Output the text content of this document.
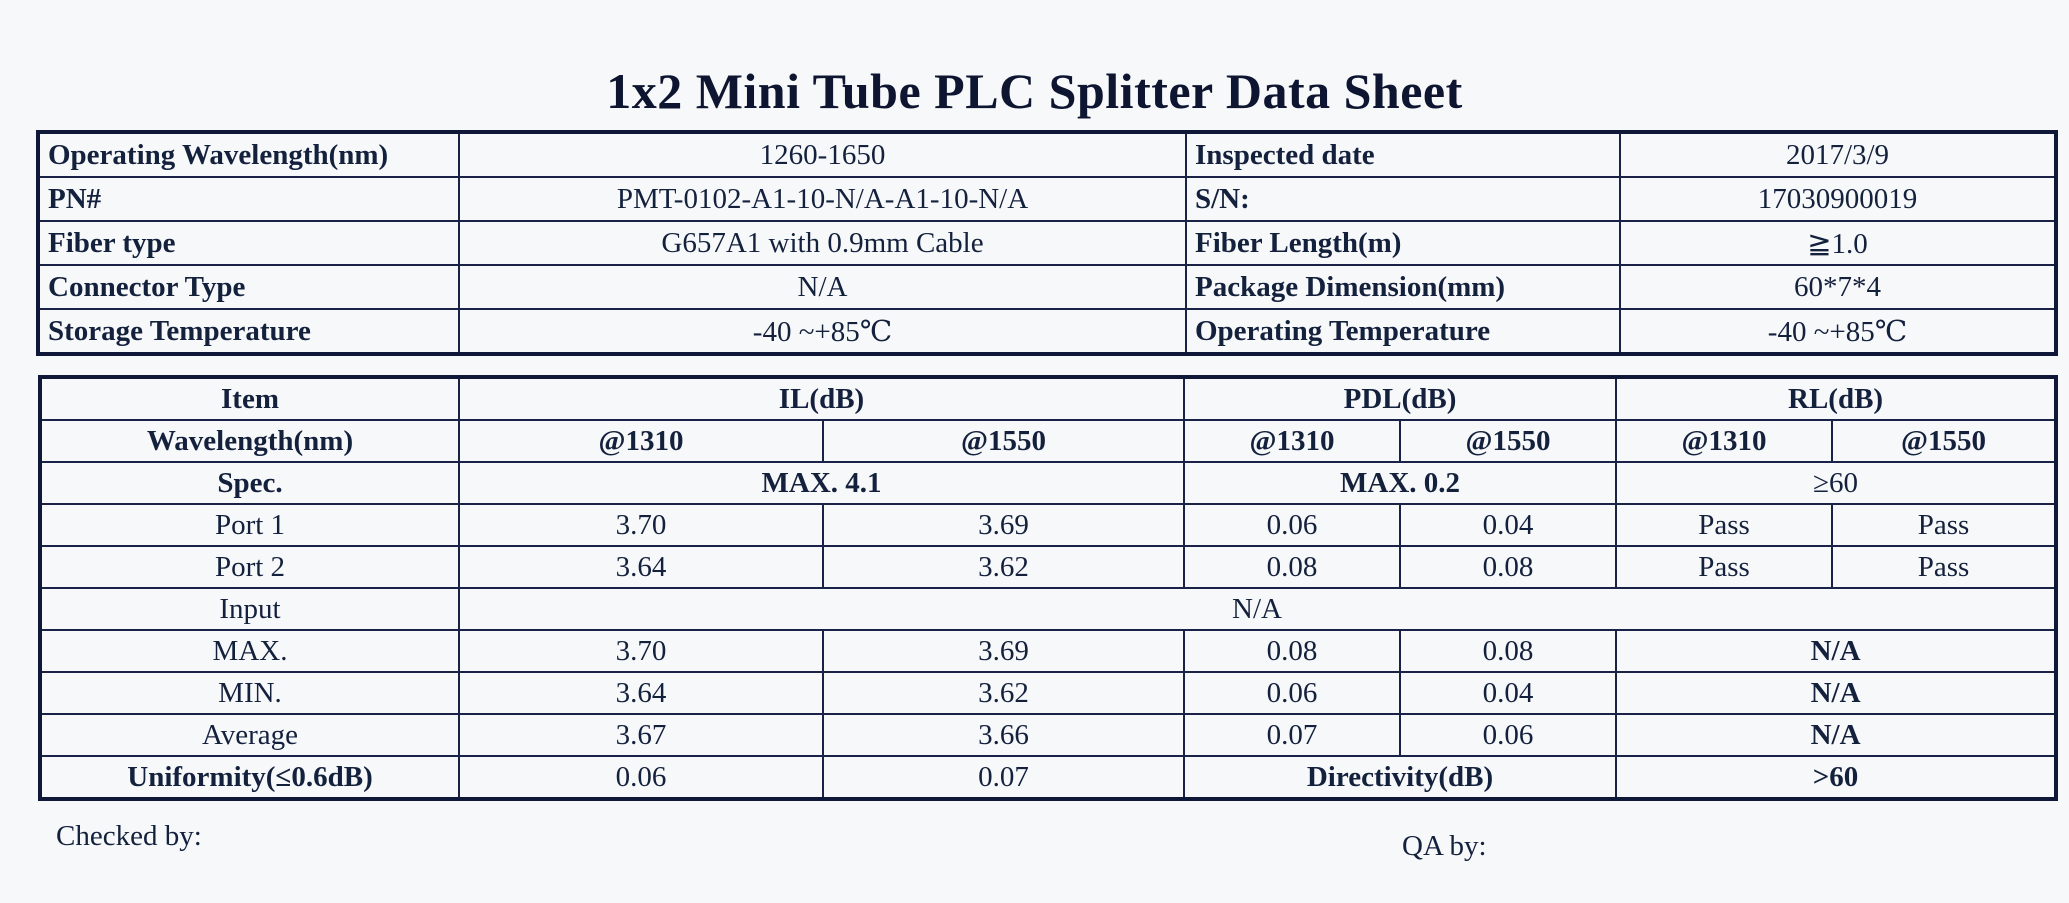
1x2 Mini Tube PLC Splitter Data Sheet
Operating Wavelength(nm)	1260-1650	Inspected date	2017/3/9
PN#	PMT-0102-A1-10-N/A-A1-10-N/A	S/N:	17030900019
Fiber type	G657A1 with 0.9mm Cable	Fiber Length(m)	≧1.0
Connector Type	N/A	Package Dimension(mm)	60*7*4
Storage Temperature	-40 ~+85℃	Operating Temperature	-40 ~+85℃
Item	IL(dB)		PDL(dB)		RL(dB)	
Wavelength(nm)	@1310	@1550	@1310	@1550	@1310	@1550
Spec.	MAX. 4.1		MAX. 0.2		≥60	
Port 1	3.70	3.69	0.06	0.04	Pass	Pass
Port 2	3.64	3.62	0.08	0.08	Pass	Pass
Input	N/A					
MAX.	3.70	3.69	0.08	0.08	N/A	
MIN.	3.64	3.62	0.06	0.04	N/A	
Average	3.67	3.66	0.07	0.06	N/A	
Uniformity(≤0.6dB)	0.06	0.07	Directivity(dB)		>60	
Checked by:	QA by:
